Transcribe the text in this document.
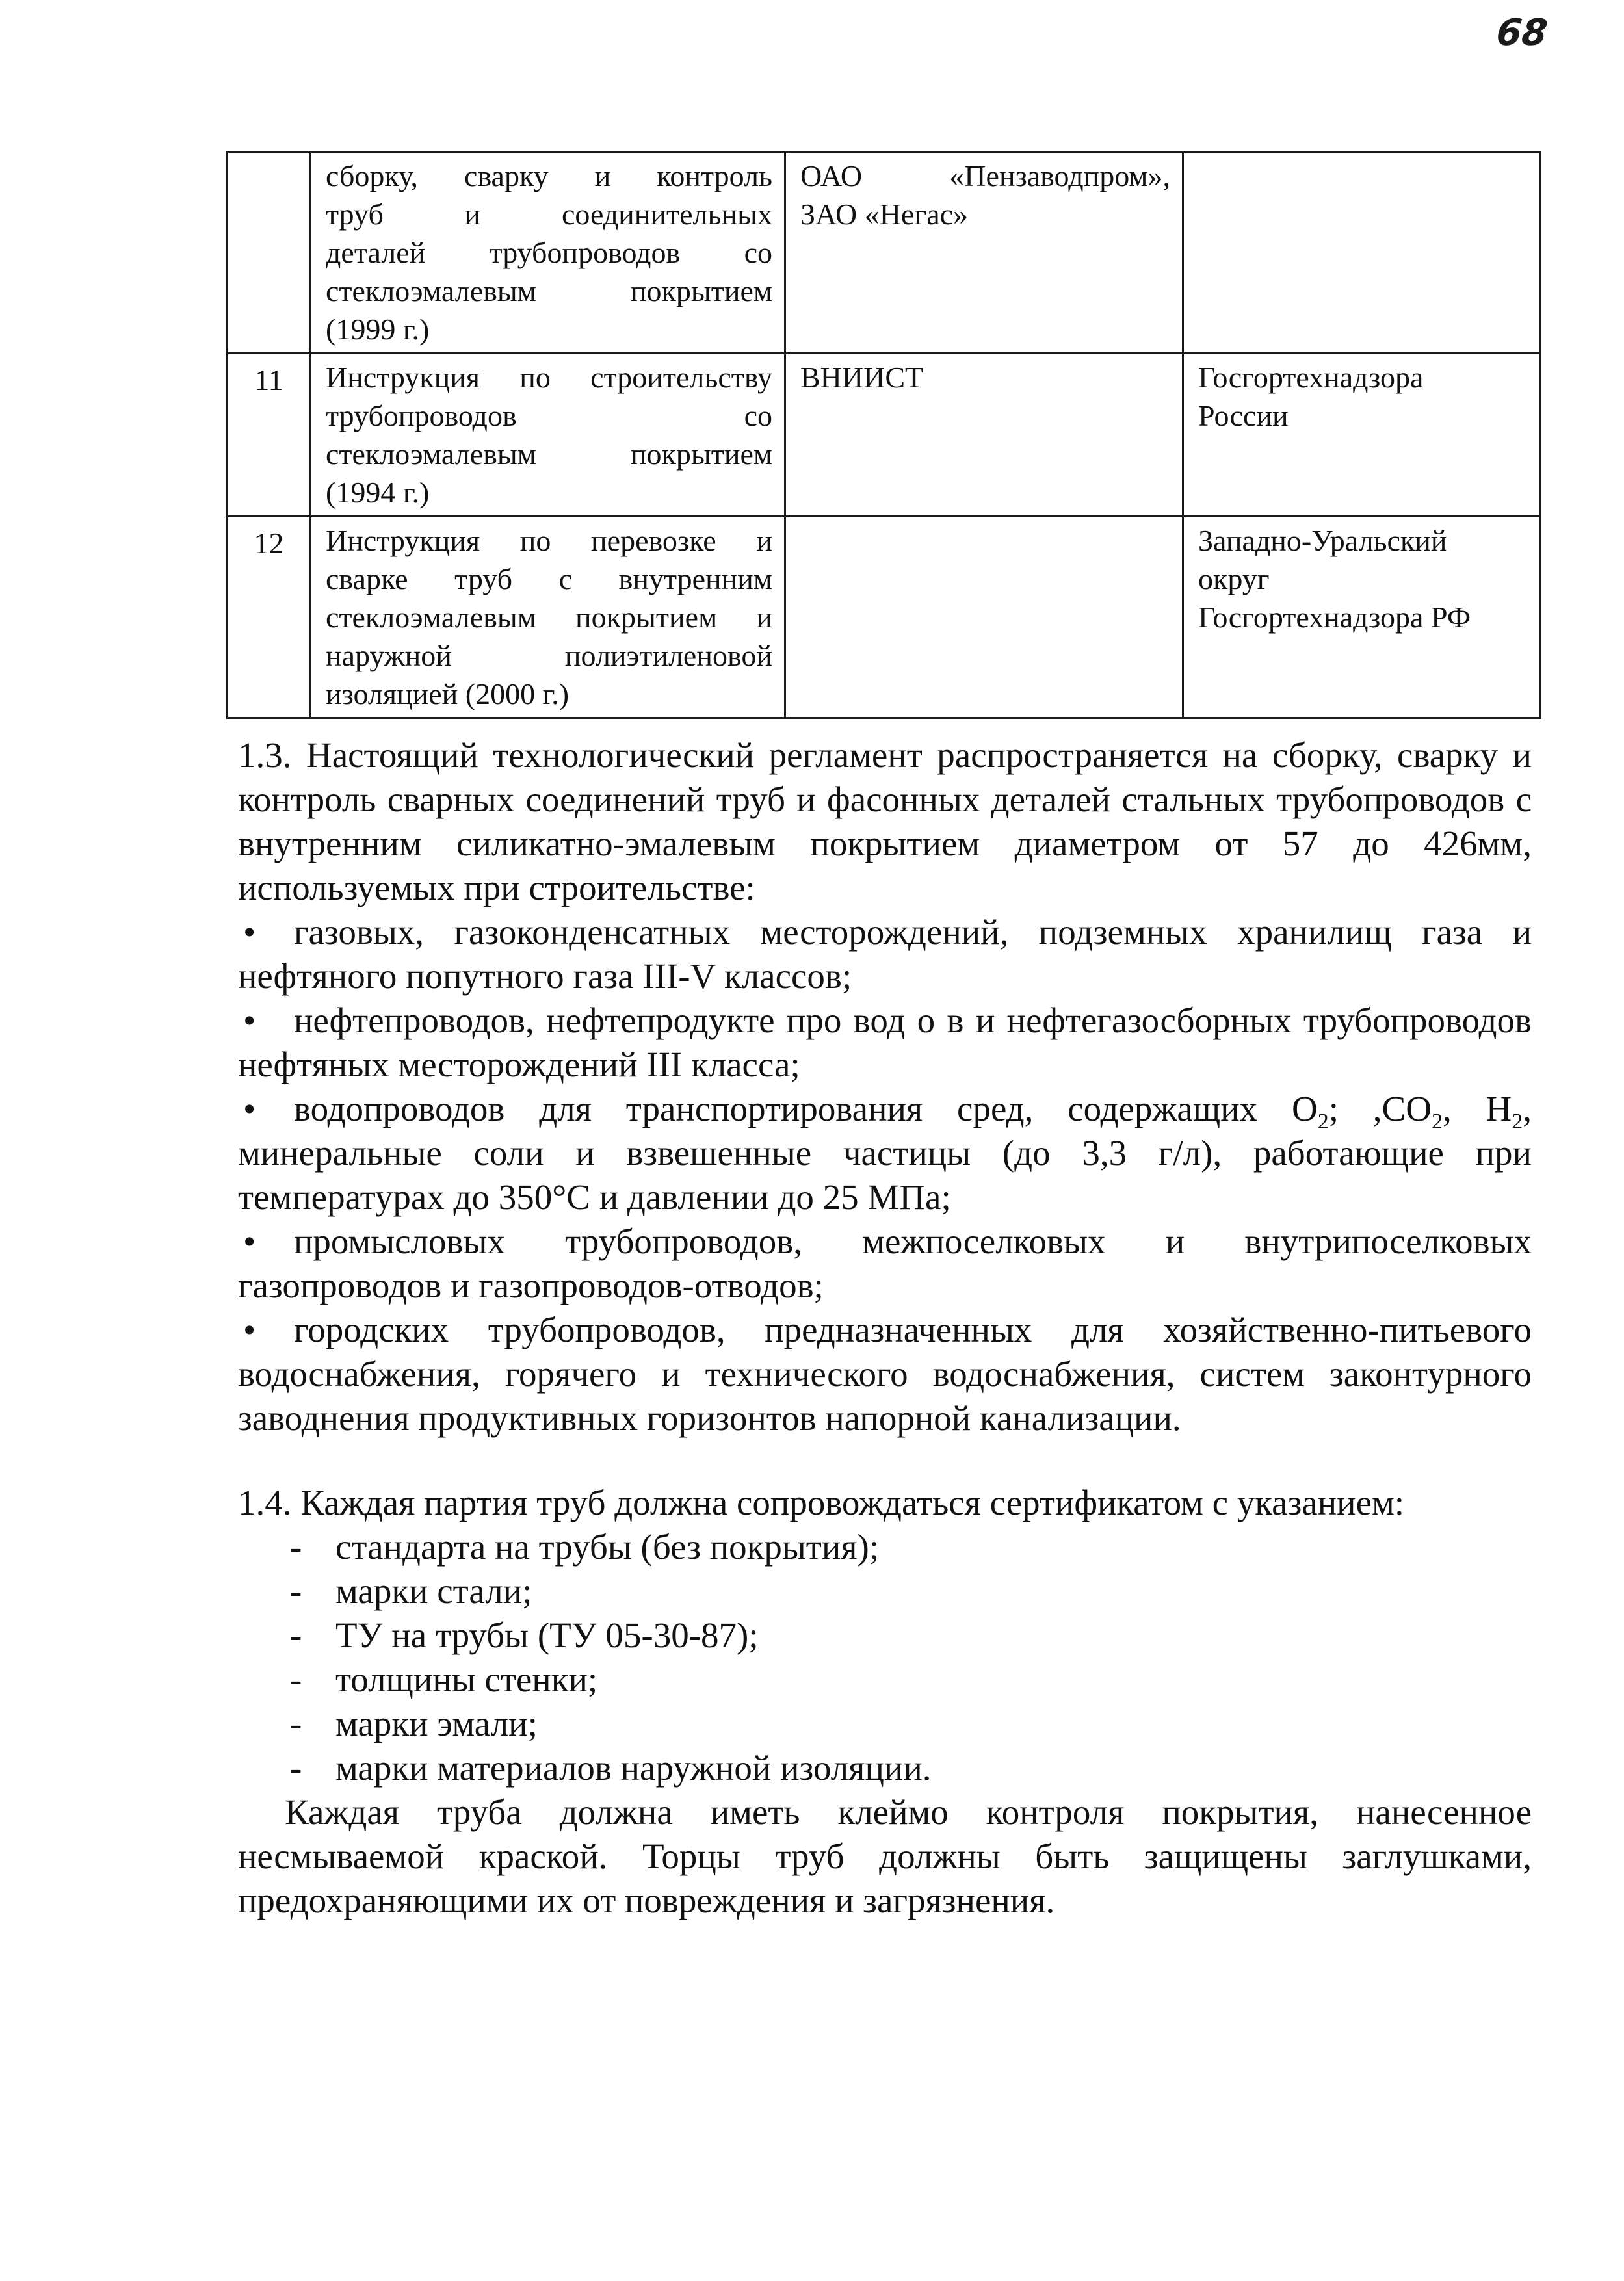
68

	сборку, сварку и контроль
труб и соединительных
деталей трубопроводов со
стеклоэмалевым покрытием
(1999 г.)	ОАО «Пензаводпром»,
ЗАО «Негас»	

11	Инструкция по строительству
трубопроводов со
стеклоэмалевым покрытием
(1994 г.)	ВНИИСТ	Госгортехнадзора
России

12	Инструкция по перевозке и
сварке труб с внутренним
стеклоэмалевым покрытием и
наружной полиэтиленовой
изоляцией (2000 г.)		Западно-Уральский
округ
Госгортехнадзора РФ

1.3. Настоящий технологический регламент распространяется на сборку, сварку и контроль сварных соединений труб и фасонных деталей стальных трубопроводов с внутренним силикатно-эмалевым покрытием диаметром от 57 до 426мм, используемых при строительстве:

• газовых, газоконденсатных месторождений, подземных хранилищ газа и нефтяного попутного газа III-V классов;

• нефтепроводов, нефтепродукте про вод о в и нефтегазосборных трубопроводов нефтяных месторождений III класса;

• водопроводов для транспортирования сред, содержащих $O_2$; $,CO_2$, $H_2$, минеральные соли и взвешенные частицы (до 3,3 г/л), работающие при температурах до 350°C и давлении до 25 МПа;

• промысловых трубопроводов, межпоселковых и внутрипоселковых газопроводов и газопроводов-отводов;

• городских трубопроводов, предназначенных для хозяйственно-питьевого водоснабжения, горячего и технического водоснабжения, систем законтурного заводнения продуктивных горизонтов напорной канализации.

1.4. Каждая партия труб должна сопровождаться сертификатом с указанием:

- стандарта на трубы (без покрытия);

- марки стали;

- ТУ на трубы (ТУ 05-30-87);

- толщины стенки;

- марки эмали;

- марки материалов наружной изоляции.

Каждая труба должна иметь клеймо контроля покрытия, нанесенное несмываемой краской. Торцы труб должны быть защищены заглушками, предохраняющими их от повреждения и загрязнения.
